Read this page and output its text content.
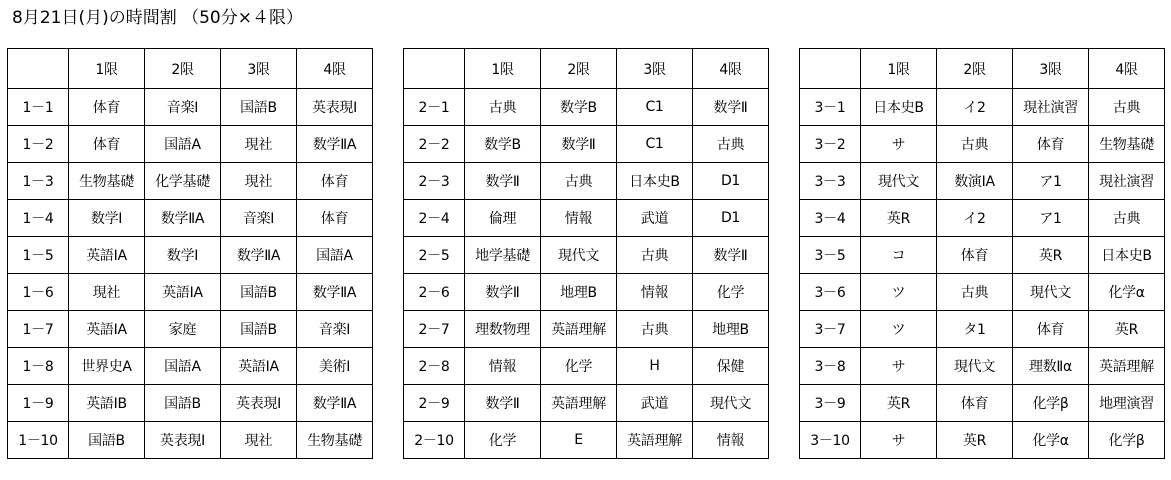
8月21日(月)の時間割 （50分×４限）
	1限	2限	3限	4限
1－1	体育	音楽Ⅰ	国語B	英表現Ⅰ
1－2	体育	国語A	現社	数学ⅡA
1－3	生物基礎	化学基礎	現社	体育
1－4	数学Ⅰ	数学ⅡA	音楽Ⅰ	体育
1－5	英語ⅠA	数学Ⅰ	数学ⅡA	国語A
1－6	現社	英語ⅠA	国語B	数学ⅡA
1－7	英語ⅠA	家庭	国語B	音楽Ⅰ
1－8	世界史A	国語A	英語ⅠA	美術Ⅰ
1－9	英語ⅠB	国語B	英表現Ⅰ	数学ⅡA
1－10	国語B	英表現Ⅰ	現社	生物基礎
	1限	2限	3限	4限
2－1	古典	数学B	C1	数学Ⅱ
2－2	数学B	数学Ⅱ	C1	古典
2－3	数学Ⅱ	古典	日本史B	D1
2－4	倫理	情報	武道	D1
2－5	地学基礎	現代文	古典	数学Ⅱ
2－6	数学Ⅱ	地理B	情報	化学
2－7	理数物理	英語理解	古典	地理B
2－8	情報	化学	H	保健
2－9	数学Ⅱ	英語理解	武道	現代文
2－10	化学	E	英語理解	情報
	1限	2限	3限	4限
3－1	日本史B	イ2	現社演習	古典
3－2	サ	古典	体育	生物基礎
3－3	現代文	数演ⅠA	ア1	現社演習
3－4	英R	イ2	ア1	古典
3－5	コ	体育	英R	日本史B
3－6	ツ	古典	現代文	化学α
3－7	ツ	タ1	体育	英R
3－8	サ	現代文	理数Ⅱα	英語理解
3－9	英R	体育	化学β	地理演習
3－10	サ	英R	化学α	化学β
